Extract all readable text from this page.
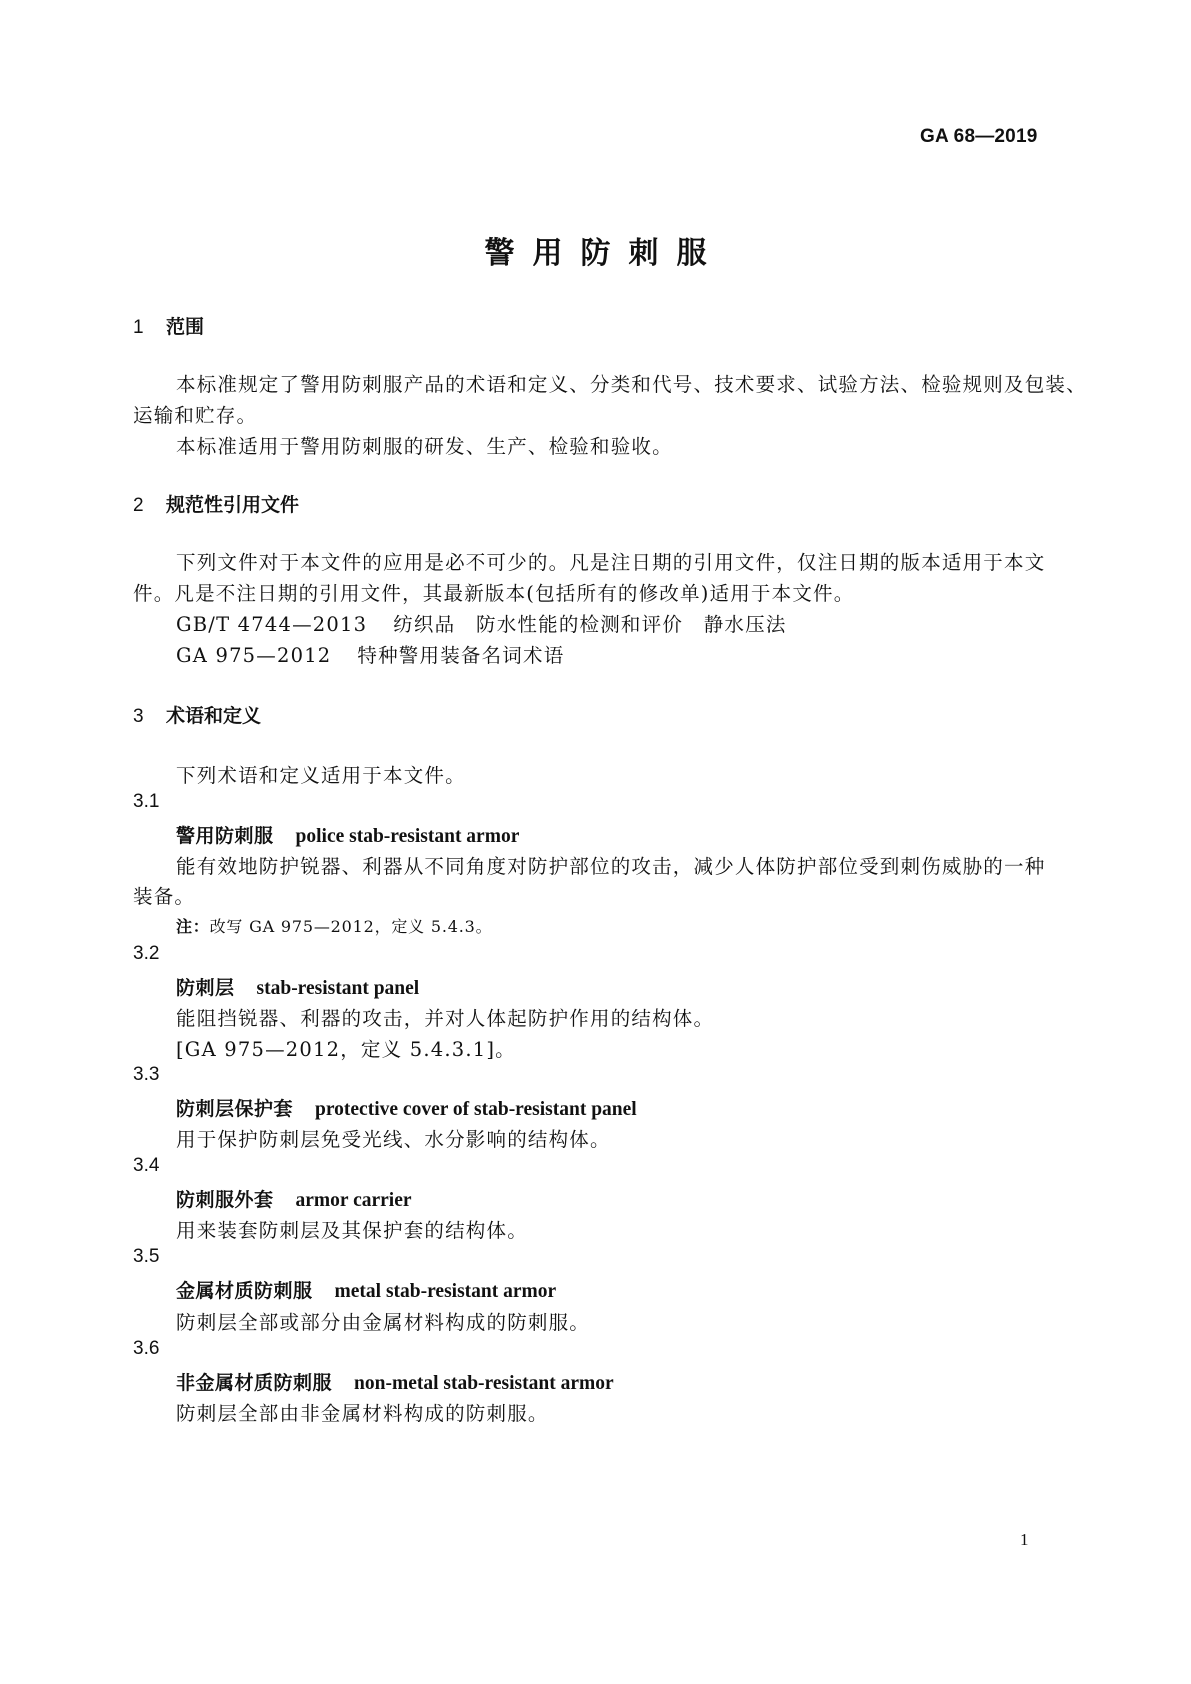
GA 68—2019
警用防刺服
1 范围
本标准规定了警用防刺服产品的术语和定义、分类和代号、技术要求、试验方法、检验规则及包装、
运输和贮存。
本标准适用于警用防刺服的研发、生产、检验和验收。
2 规范性引用文件
下列文件对于本文件的应用是必不可少的。凡是注日期的引用文件，仅注日期的版本适用于本文
件。凡是不注日期的引用文件，其最新版本(包括所有的修改单)适用于本文件。
GB/T 4744—2013 纺织品　防水性能的检测和评价　静水压法
GA 975—2012 特种警用装备名词术语
3 术语和定义
下列术语和定义适用于本文件。
3.1
警用防刺服 police stab-resistant armor
能有效地防护锐器、利器从不同角度对防护部位的攻击，减少人体防护部位受到刺伤威胁的一种
装备。
注：改写 GA 975—2012，定义 5.4.3。
3.2
防刺层 stab-resistant panel
能阻挡锐器、利器的攻击，并对人体起防护作用的结构体。
[GA 975—2012，定义 5.4.3.1]。
3.3
防刺层保护套 protective cover of stab-resistant panel
用于保护防刺层免受光线、水分影响的结构体。
3.4
防刺服外套 armor carrier
用来装套防刺层及其保护套的结构体。
3.5
金属材质防刺服 metal stab-resistant armor
防刺层全部或部分由金属材料构成的防刺服。
3.6
非金属材质防刺服 non-metal stab-resistant armor
防刺层全部由非金属材料构成的防刺服。
1
